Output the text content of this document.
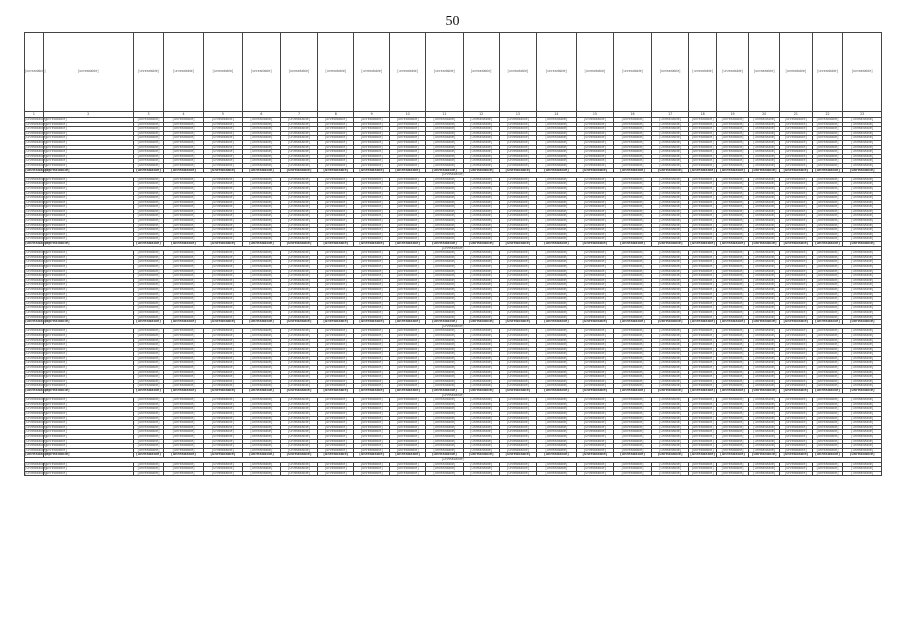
50
[unreadable]	[unreadable]	[unreadable]	[unreadable]	[unreadable]	[unreadable]	[unreadable]	[unreadable]	[unreadable]	[unreadable]	[unreadable]	[unreadable]	[unreadable]	[unreadable]	[unreadable]	[unreadable]	[unreadable]	[unreadable]	[unreadable]	[unreadable]	[unreadable]	[unreadable]	[unreadable]
1	2	3	4	5	6	7	8	9	10	11	12	13	14	15	16	17	18	19	20	21	22	23
[unreadable]	[unreadable]	[unreadable]	[unreadable]	[unreadable]	[unreadable]	[unreadable]	[unreadable]	[unreadable]	[unreadable]	[unreadable]	[unreadable]	[unreadable]	[unreadable]	[unreadable]	[unreadable]	[unreadable]	[unreadable]	[unreadable]	[unreadable]	[unreadable]	[unreadable]	[unreadable]
[unreadable]	[unreadable]	[unreadable]	[unreadable]	[unreadable]	[unreadable]	[unreadable]	[unreadable]	[unreadable]	[unreadable]	[unreadable]	[unreadable]	[unreadable]	[unreadable]	[unreadable]	[unreadable]	[unreadable]	[unreadable]	[unreadable]	[unreadable]	[unreadable]	[unreadable]	[unreadable]
[unreadable]	[unreadable]	[unreadable]	[unreadable]	[unreadable]	[unreadable]	[unreadable]	[unreadable]	[unreadable]	[unreadable]	[unreadable]	[unreadable]	[unreadable]	[unreadable]	[unreadable]	[unreadable]	[unreadable]	[unreadable]	[unreadable]	[unreadable]	[unreadable]	[unreadable]	[unreadable]
[unreadable]	[unreadable]	[unreadable]	[unreadable]	[unreadable]	[unreadable]	[unreadable]	[unreadable]	[unreadable]	[unreadable]	[unreadable]	[unreadable]	[unreadable]	[unreadable]	[unreadable]	[unreadable]	[unreadable]	[unreadable]	[unreadable]	[unreadable]	[unreadable]	[unreadable]	[unreadable]
[unreadable]	[unreadable]	[unreadable]	[unreadable]	[unreadable]	[unreadable]	[unreadable]	[unreadable]	[unreadable]	[unreadable]	[unreadable]	[unreadable]	[unreadable]	[unreadable]	[unreadable]	[unreadable]	[unreadable]	[unreadable]	[unreadable]	[unreadable]	[unreadable]	[unreadable]	[unreadable]
[unreadable]	[unreadable]	[unreadable]	[unreadable]	[unreadable]	[unreadable]	[unreadable]	[unreadable]	[unreadable]	[unreadable]	[unreadable]	[unreadable]	[unreadable]	[unreadable]	[unreadable]	[unreadable]	[unreadable]	[unreadable]	[unreadable]	[unreadable]	[unreadable]	[unreadable]	[unreadable]
[unreadable]	[unreadable]	[unreadable]	[unreadable]	[unreadable]	[unreadable]	[unreadable]	[unreadable]	[unreadable]	[unreadable]	[unreadable]	[unreadable]	[unreadable]	[unreadable]	[unreadable]	[unreadable]	[unreadable]	[unreadable]	[unreadable]	[unreadable]	[unreadable]	[unreadable]	[unreadable]
[unreadable]	[unreadable]	[unreadable]	[unreadable]	[unreadable]	[unreadable]	[unreadable]	[unreadable]	[unreadable]	[unreadable]	[unreadable]	[unreadable]	[unreadable]	[unreadable]	[unreadable]	[unreadable]	[unreadable]	[unreadable]	[unreadable]	[unreadable]	[unreadable]	[unreadable]	[unreadable]
[unreadable]	[unreadable]	[unreadable]	[unreadable]	[unreadable]	[unreadable]	[unreadable]	[unreadable]	[unreadable]	[unreadable]	[unreadable]	[unreadable]	[unreadable]	[unreadable]	[unreadable]	[unreadable]	[unreadable]	[unreadable]	[unreadable]	[unreadable]	[unreadable]	[unreadable]	[unreadable]
[unreadable]	[unreadable]	[unreadable]	[unreadable]	[unreadable]	[unreadable]	[unreadable]	[unreadable]	[unreadable]	[unreadable]	[unreadable]	[unreadable]	[unreadable]	[unreadable]	[unreadable]	[unreadable]	[unreadable]	[unreadable]	[unreadable]	[unreadable]	[unreadable]	[unreadable]	[unreadable]
[unreadable]	[unreadable]	[unreadable]	[unreadable]	[unreadable]	[unreadable]	[unreadable]	[unreadable]	[unreadable]	[unreadable]	[unreadable]	[unreadable]	[unreadable]	[unreadable]	[unreadable]	[unreadable]	[unreadable]	[unreadable]	[unreadable]	[unreadable]	[unreadable]	[unreadable]	[unreadable]
[unreadable]	[unreadable]	[unreadable]	[unreadable]	[unreadable]	[unreadable]	[unreadable]	[unreadable]	[unreadable]	[unreadable]	[unreadable]	[unreadable]	[unreadable]	[unreadable]	[unreadable]	[unreadable]	[unreadable]	[unreadable]	[unreadable]	[unreadable]	[unreadable]	[unreadable]	[unreadable]
[unreadable]																						
[unreadable]	[unreadable]	[unreadable]	[unreadable]	[unreadable]	[unreadable]	[unreadable]	[unreadable]	[unreadable]	[unreadable]	[unreadable]	[unreadable]	[unreadable]	[unreadable]	[unreadable]	[unreadable]	[unreadable]	[unreadable]	[unreadable]	[unreadable]	[unreadable]	[unreadable]	[unreadable]
[unreadable]	[unreadable]	[unreadable]	[unreadable]	[unreadable]	[unreadable]	[unreadable]	[unreadable]	[unreadable]	[unreadable]	[unreadable]	[unreadable]	[unreadable]	[unreadable]	[unreadable]	[unreadable]	[unreadable]	[unreadable]	[unreadable]	[unreadable]	[unreadable]	[unreadable]	[unreadable]
[unreadable]	[unreadable]	[unreadable]	[unreadable]	[unreadable]	[unreadable]	[unreadable]	[unreadable]	[unreadable]	[unreadable]	[unreadable]	[unreadable]	[unreadable]	[unreadable]	[unreadable]	[unreadable]	[unreadable]	[unreadable]	[unreadable]	[unreadable]	[unreadable]	[unreadable]	[unreadable]
[unreadable]	[unreadable]	[unreadable]	[unreadable]	[unreadable]	[unreadable]	[unreadable]	[unreadable]	[unreadable]	[unreadable]	[unreadable]	[unreadable]	[unreadable]	[unreadable]	[unreadable]	[unreadable]	[unreadable]	[unreadable]	[unreadable]	[unreadable]	[unreadable]	[unreadable]	[unreadable]
[unreadable]	[unreadable]	[unreadable]	[unreadable]	[unreadable]	[unreadable]	[unreadable]	[unreadable]	[unreadable]	[unreadable]	[unreadable]	[unreadable]	[unreadable]	[unreadable]	[unreadable]	[unreadable]	[unreadable]	[unreadable]	[unreadable]	[unreadable]	[unreadable]	[unreadable]	[unreadable]
[unreadable]	[unreadable]	[unreadable]	[unreadable]	[unreadable]	[unreadable]	[unreadable]	[unreadable]	[unreadable]	[unreadable]	[unreadable]	[unreadable]	[unreadable]	[unreadable]	[unreadable]	[unreadable]	[unreadable]	[unreadable]	[unreadable]	[unreadable]	[unreadable]	[unreadable]	[unreadable]
[unreadable]	[unreadable]	[unreadable]	[unreadable]	[unreadable]	[unreadable]	[unreadable]	[unreadable]	[unreadable]	[unreadable]	[unreadable]	[unreadable]	[unreadable]	[unreadable]	[unreadable]	[unreadable]	[unreadable]	[unreadable]	[unreadable]	[unreadable]	[unreadable]	[unreadable]	[unreadable]
[unreadable]	[unreadable]	[unreadable]	[unreadable]	[unreadable]	[unreadable]	[unreadable]	[unreadable]	[unreadable]	[unreadable]	[unreadable]	[unreadable]	[unreadable]	[unreadable]	[unreadable]	[unreadable]	[unreadable]	[unreadable]	[unreadable]	[unreadable]	[unreadable]	[unreadable]	[unreadable]
[unreadable]	[unreadable]	[unreadable]	[unreadable]	[unreadable]	[unreadable]	[unreadable]	[unreadable]	[unreadable]	[unreadable]	[unreadable]	[unreadable]	[unreadable]	[unreadable]	[unreadable]	[unreadable]	[unreadable]	[unreadable]	[unreadable]	[unreadable]	[unreadable]	[unreadable]	[unreadable]
[unreadable]	[unreadable]	[unreadable]	[unreadable]	[unreadable]	[unreadable]	[unreadable]	[unreadable]	[unreadable]	[unreadable]	[unreadable]	[unreadable]	[unreadable]	[unreadable]	[unreadable]	[unreadable]	[unreadable]	[unreadable]	[unreadable]	[unreadable]	[unreadable]	[unreadable]	[unreadable]
[unreadable]	[unreadable]	[unreadable]	[unreadable]	[unreadable]	[unreadable]	[unreadable]	[unreadable]	[unreadable]	[unreadable]	[unreadable]	[unreadable]	[unreadable]	[unreadable]	[unreadable]	[unreadable]	[unreadable]	[unreadable]	[unreadable]	[unreadable]	[unreadable]	[unreadable]	[unreadable]
[unreadable]	[unreadable]	[unreadable]	[unreadable]	[unreadable]	[unreadable]	[unreadable]	[unreadable]	[unreadable]	[unreadable]	[unreadable]	[unreadable]	[unreadable]	[unreadable]	[unreadable]	[unreadable]	[unreadable]	[unreadable]	[unreadable]	[unreadable]	[unreadable]	[unreadable]	[unreadable]
[unreadable]	[unreadable]	[unreadable]	[unreadable]	[unreadable]	[unreadable]	[unreadable]	[unreadable]	[unreadable]	[unreadable]	[unreadable]	[unreadable]	[unreadable]	[unreadable]	[unreadable]	[unreadable]	[unreadable]	[unreadable]	[unreadable]	[unreadable]	[unreadable]	[unreadable]	[unreadable]
[unreadable]	[unreadable]	[unreadable]	[unreadable]	[unreadable]	[unreadable]	[unreadable]	[unreadable]	[unreadable]	[unreadable]	[unreadable]	[unreadable]	[unreadable]	[unreadable]	[unreadable]	[unreadable]	[unreadable]	[unreadable]	[unreadable]	[unreadable]	[unreadable]	[unreadable]	[unreadable]
[unreadable]	[unreadable]	[unreadable]	[unreadable]	[unreadable]	[unreadable]	[unreadable]	[unreadable]	[unreadable]	[unreadable]	[unreadable]	[unreadable]	[unreadable]	[unreadable]	[unreadable]	[unreadable]	[unreadable]	[unreadable]	[unreadable]	[unreadable]	[unreadable]	[unreadable]	[unreadable]
[unreadable]																						
[unreadable]	[unreadable]	[unreadable]	[unreadable]	[unreadable]	[unreadable]	[unreadable]	[unreadable]	[unreadable]	[unreadable]	[unreadable]	[unreadable]	[unreadable]	[unreadable]	[unreadable]	[unreadable]	[unreadable]	[unreadable]	[unreadable]	[unreadable]	[unreadable]	[unreadable]	[unreadable]
[unreadable]	[unreadable]	[unreadable]	[unreadable]	[unreadable]	[unreadable]	[unreadable]	[unreadable]	[unreadable]	[unreadable]	[unreadable]	[unreadable]	[unreadable]	[unreadable]	[unreadable]	[unreadable]	[unreadable]	[unreadable]	[unreadable]	[unreadable]	[unreadable]	[unreadable]	[unreadable]
[unreadable]	[unreadable]	[unreadable]	[unreadable]	[unreadable]	[unreadable]	[unreadable]	[unreadable]	[unreadable]	[unreadable]	[unreadable]	[unreadable]	[unreadable]	[unreadable]	[unreadable]	[unreadable]	[unreadable]	[unreadable]	[unreadable]	[unreadable]	[unreadable]	[unreadable]	[unreadable]
[unreadable]	[unreadable]	[unreadable]	[unreadable]	[unreadable]	[unreadable]	[unreadable]	[unreadable]	[unreadable]	[unreadable]	[unreadable]	[unreadable]	[unreadable]	[unreadable]	[unreadable]	[unreadable]	[unreadable]	[unreadable]	[unreadable]	[unreadable]	[unreadable]	[unreadable]	[unreadable]
[unreadable]	[unreadable]	[unreadable]	[unreadable]	[unreadable]	[unreadable]	[unreadable]	[unreadable]	[unreadable]	[unreadable]	[unreadable]	[unreadable]	[unreadable]	[unreadable]	[unreadable]	[unreadable]	[unreadable]	[unreadable]	[unreadable]	[unreadable]	[unreadable]	[unreadable]	[unreadable]
[unreadable]	[unreadable]	[unreadable]	[unreadable]	[unreadable]	[unreadable]	[unreadable]	[unreadable]	[unreadable]	[unreadable]	[unreadable]	[unreadable]	[unreadable]	[unreadable]	[unreadable]	[unreadable]	[unreadable]	[unreadable]	[unreadable]	[unreadable]	[unreadable]	[unreadable]	[unreadable]
[unreadable]	[unreadable]	[unreadable]	[unreadable]	[unreadable]	[unreadable]	[unreadable]	[unreadable]	[unreadable]	[unreadable]	[unreadable]	[unreadable]	[unreadable]	[unreadable]	[unreadable]	[unreadable]	[unreadable]	[unreadable]	[unreadable]	[unreadable]	[unreadable]	[unreadable]	[unreadable]
[unreadable]	[unreadable]	[unreadable]	[unreadable]	[unreadable]	[unreadable]	[unreadable]	[unreadable]	[unreadable]	[unreadable]	[unreadable]	[unreadable]	[unreadable]	[unreadable]	[unreadable]	[unreadable]	[unreadable]	[unreadable]	[unreadable]	[unreadable]	[unreadable]	[unreadable]	[unreadable]
[unreadable]	[unreadable]	[unreadable]	[unreadable]	[unreadable]	[unreadable]	[unreadable]	[unreadable]	[unreadable]	[unreadable]	[unreadable]	[unreadable]	[unreadable]	[unreadable]	[unreadable]	[unreadable]	[unreadable]	[unreadable]	[unreadable]	[unreadable]	[unreadable]	[unreadable]	[unreadable]
[unreadable]	[unreadable]	[unreadable]	[unreadable]	[unreadable]	[unreadable]	[unreadable]	[unreadable]	[unreadable]	[unreadable]	[unreadable]	[unreadable]	[unreadable]	[unreadable]	[unreadable]	[unreadable]	[unreadable]	[unreadable]	[unreadable]	[unreadable]	[unreadable]	[unreadable]	[unreadable]
[unreadable]	[unreadable]	[unreadable]	[unreadable]	[unreadable]	[unreadable]	[unreadable]	[unreadable]	[unreadable]	[unreadable]	[unreadable]	[unreadable]	[unreadable]	[unreadable]	[unreadable]	[unreadable]	[unreadable]	[unreadable]	[unreadable]	[unreadable]	[unreadable]	[unreadable]	[unreadable]
[unreadable]	[unreadable]	[unreadable]	[unreadable]	[unreadable]	[unreadable]	[unreadable]	[unreadable]	[unreadable]	[unreadable]	[unreadable]	[unreadable]	[unreadable]	[unreadable]	[unreadable]	[unreadable]	[unreadable]	[unreadable]	[unreadable]	[unreadable]	[unreadable]	[unreadable]	[unreadable]
[unreadable]	[unreadable]	[unreadable]	[unreadable]	[unreadable]	[unreadable]	[unreadable]	[unreadable]	[unreadable]	[unreadable]	[unreadable]	[unreadable]	[unreadable]	[unreadable]	[unreadable]	[unreadable]	[unreadable]	[unreadable]	[unreadable]	[unreadable]	[unreadable]	[unreadable]	[unreadable]
[unreadable]	[unreadable]	[unreadable]	[unreadable]	[unreadable]	[unreadable]	[unreadable]	[unreadable]	[unreadable]	[unreadable]	[unreadable]	[unreadable]	[unreadable]	[unreadable]	[unreadable]	[unreadable]	[unreadable]	[unreadable]	[unreadable]	[unreadable]	[unreadable]	[unreadable]	[unreadable]
[unreadable]	[unreadable]	[unreadable]	[unreadable]	[unreadable]	[unreadable]	[unreadable]	[unreadable]	[unreadable]	[unreadable]	[unreadable]	[unreadable]	[unreadable]	[unreadable]	[unreadable]	[unreadable]	[unreadable]	[unreadable]	[unreadable]	[unreadable]	[unreadable]	[unreadable]	[unreadable]
[unreadable]	[unreadable]	[unreadable]	[unreadable]	[unreadable]	[unreadable]	[unreadable]	[unreadable]	[unreadable]	[unreadable]	[unreadable]	[unreadable]	[unreadable]	[unreadable]	[unreadable]	[unreadable]	[unreadable]	[unreadable]	[unreadable]	[unreadable]	[unreadable]	[unreadable]	[unreadable]
[unreadable]																						
[unreadable]	[unreadable]	[unreadable]	[unreadable]	[unreadable]	[unreadable]	[unreadable]	[unreadable]	[unreadable]	[unreadable]	[unreadable]	[unreadable]	[unreadable]	[unreadable]	[unreadable]	[unreadable]	[unreadable]	[unreadable]	[unreadable]	[unreadable]	[unreadable]	[unreadable]	[unreadable]
[unreadable]	[unreadable]	[unreadable]	[unreadable]	[unreadable]	[unreadable]	[unreadable]	[unreadable]	[unreadable]	[unreadable]	[unreadable]	[unreadable]	[unreadable]	[unreadable]	[unreadable]	[unreadable]	[unreadable]	[unreadable]	[unreadable]	[unreadable]	[unreadable]	[unreadable]	[unreadable]
[unreadable]	[unreadable]	[unreadable]	[unreadable]	[unreadable]	[unreadable]	[unreadable]	[unreadable]	[unreadable]	[unreadable]	[unreadable]	[unreadable]	[unreadable]	[unreadable]	[unreadable]	[unreadable]	[unreadable]	[unreadable]	[unreadable]	[unreadable]	[unreadable]	[unreadable]	[unreadable]
[unreadable]	[unreadable]	[unreadable]	[unreadable]	[unreadable]	[unreadable]	[unreadable]	[unreadable]	[unreadable]	[unreadable]	[unreadable]	[unreadable]	[unreadable]	[unreadable]	[unreadable]	[unreadable]	[unreadable]	[unreadable]	[unreadable]	[unreadable]	[unreadable]	[unreadable]	[unreadable]
[unreadable]	[unreadable]	[unreadable]	[unreadable]	[unreadable]	[unreadable]	[unreadable]	[unreadable]	[unreadable]	[unreadable]	[unreadable]	[unreadable]	[unreadable]	[unreadable]	[unreadable]	[unreadable]	[unreadable]	[unreadable]	[unreadable]	[unreadable]	[unreadable]	[unreadable]	[unreadable]
[unreadable]	[unreadable]	[unreadable]	[unreadable]	[unreadable]	[unreadable]	[unreadable]	[unreadable]	[unreadable]	[unreadable]	[unreadable]	[unreadable]	[unreadable]	[unreadable]	[unreadable]	[unreadable]	[unreadable]	[unreadable]	[unreadable]	[unreadable]	[unreadable]	[unreadable]	[unreadable]
[unreadable]	[unreadable]	[unreadable]	[unreadable]	[unreadable]	[unreadable]	[unreadable]	[unreadable]	[unreadable]	[unreadable]	[unreadable]	[unreadable]	[unreadable]	[unreadable]	[unreadable]	[unreadable]	[unreadable]	[unreadable]	[unreadable]	[unreadable]	[unreadable]	[unreadable]	[unreadable]
[unreadable]	[unreadable]	[unreadable]	[unreadable]	[unreadable]	[unreadable]	[unreadable]	[unreadable]	[unreadable]	[unreadable]	[unreadable]	[unreadable]	[unreadable]	[unreadable]	[unreadable]	[unreadable]	[unreadable]	[unreadable]	[unreadable]	[unreadable]	[unreadable]	[unreadable]	[unreadable]
[unreadable]	[unreadable]	[unreadable]	[unreadable]	[unreadable]	[unreadable]	[unreadable]	[unreadable]	[unreadable]	[unreadable]	[unreadable]	[unreadable]	[unreadable]	[unreadable]	[unreadable]	[unreadable]	[unreadable]	[unreadable]	[unreadable]	[unreadable]	[unreadable]	[unreadable]	[unreadable]
[unreadable]	[unreadable]	[unreadable]	[unreadable]	[unreadable]	[unreadable]	[unreadable]	[unreadable]	[unreadable]	[unreadable]	[unreadable]	[unreadable]	[unreadable]	[unreadable]	[unreadable]	[unreadable]	[unreadable]	[unreadable]	[unreadable]	[unreadable]	[unreadable]	[unreadable]	[unreadable]
[unreadable]	[unreadable]	[unreadable]	[unreadable]	[unreadable]	[unreadable]	[unreadable]	[unreadable]	[unreadable]	[unreadable]	[unreadable]	[unreadable]	[unreadable]	[unreadable]	[unreadable]	[unreadable]	[unreadable]	[unreadable]	[unreadable]	[unreadable]	[unreadable]	[unreadable]	[unreadable]
[unreadable]	[unreadable]	[unreadable]	[unreadable]	[unreadable]	[unreadable]	[unreadable]	[unreadable]	[unreadable]	[unreadable]	[unreadable]	[unreadable]	[unreadable]	[unreadable]	[unreadable]	[unreadable]	[unreadable]	[unreadable]	[unreadable]	[unreadable]	[unreadable]	[unreadable]	[unreadable]
[unreadable]	[unreadable]	[unreadable]	[unreadable]	[unreadable]	[unreadable]	[unreadable]	[unreadable]	[unreadable]	[unreadable]	[unreadable]	[unreadable]	[unreadable]	[unreadable]	[unreadable]	[unreadable]	[unreadable]	[unreadable]	[unreadable]	[unreadable]	[unreadable]	[unreadable]	[unreadable]
[unreadable]	[unreadable]	[unreadable]	[unreadable]	[unreadable]	[unreadable]	[unreadable]	[unreadable]	[unreadable]	[unreadable]	[unreadable]	[unreadable]	[unreadable]	[unreadable]	[unreadable]	[unreadable]	[unreadable]	[unreadable]	[unreadable]	[unreadable]	[unreadable]	[unreadable]	[unreadable]
[unreadable]																						
[unreadable]	[unreadable]	[unreadable]	[unreadable]	[unreadable]	[unreadable]	[unreadable]	[unreadable]	[unreadable]	[unreadable]	[unreadable]	[unreadable]	[unreadable]	[unreadable]	[unreadable]	[unreadable]	[unreadable]	[unreadable]	[unreadable]	[unreadable]	[unreadable]	[unreadable]	[unreadable]
[unreadable]	[unreadable]	[unreadable]	[unreadable]	[unreadable]	[unreadable]	[unreadable]	[unreadable]	[unreadable]	[unreadable]	[unreadable]	[unreadable]	[unreadable]	[unreadable]	[unreadable]	[unreadable]	[unreadable]	[unreadable]	[unreadable]	[unreadable]	[unreadable]	[unreadable]	[unreadable]
[unreadable]	[unreadable]	[unreadable]	[unreadable]	[unreadable]	[unreadable]	[unreadable]	[unreadable]	[unreadable]	[unreadable]	[unreadable]	[unreadable]	[unreadable]	[unreadable]	[unreadable]	[unreadable]	[unreadable]	[unreadable]	[unreadable]	[unreadable]	[unreadable]	[unreadable]	[unreadable]
[unreadable]	[unreadable]	[unreadable]	[unreadable]	[unreadable]	[unreadable]	[unreadable]	[unreadable]	[unreadable]	[unreadable]	[unreadable]	[unreadable]	[unreadable]	[unreadable]	[unreadable]	[unreadable]	[unreadable]	[unreadable]	[unreadable]	[unreadable]	[unreadable]	[unreadable]	[unreadable]
[unreadable]	[unreadable]	[unreadable]	[unreadable]	[unreadable]	[unreadable]	[unreadable]	[unreadable]	[unreadable]	[unreadable]	[unreadable]	[unreadable]	[unreadable]	[unreadable]	[unreadable]	[unreadable]	[unreadable]	[unreadable]	[unreadable]	[unreadable]	[unreadable]	[unreadable]	[unreadable]
[unreadable]	[unreadable]	[unreadable]	[unreadable]	[unreadable]	[unreadable]	[unreadable]	[unreadable]	[unreadable]	[unreadable]	[unreadable]	[unreadable]	[unreadable]	[unreadable]	[unreadable]	[unreadable]	[unreadable]	[unreadable]	[unreadable]	[unreadable]	[unreadable]	[unreadable]	[unreadable]
[unreadable]	[unreadable]	[unreadable]	[unreadable]	[unreadable]	[unreadable]	[unreadable]	[unreadable]	[unreadable]	[unreadable]	[unreadable]	[unreadable]	[unreadable]	[unreadable]	[unreadable]	[unreadable]	[unreadable]	[unreadable]	[unreadable]	[unreadable]	[unreadable]	[unreadable]	[unreadable]
[unreadable]	[unreadable]	[unreadable]	[unreadable]	[unreadable]	[unreadable]	[unreadable]	[unreadable]	[unreadable]	[unreadable]	[unreadable]	[unreadable]	[unreadable]	[unreadable]	[unreadable]	[unreadable]	[unreadable]	[unreadable]	[unreadable]	[unreadable]	[unreadable]	[unreadable]	[unreadable]
[unreadable]	[unreadable]	[unreadable]	[unreadable]	[unreadable]	[unreadable]	[unreadable]	[unreadable]	[unreadable]	[unreadable]	[unreadable]	[unreadable]	[unreadable]	[unreadable]	[unreadable]	[unreadable]	[unreadable]	[unreadable]	[unreadable]	[unreadable]	[unreadable]	[unreadable]	[unreadable]
[unreadable]	[unreadable]	[unreadable]	[unreadable]	[unreadable]	[unreadable]	[unreadable]	[unreadable]	[unreadable]	[unreadable]	[unreadable]	[unreadable]	[unreadable]	[unreadable]	[unreadable]	[unreadable]	[unreadable]	[unreadable]	[unreadable]	[unreadable]	[unreadable]	[unreadable]	[unreadable]
[unreadable]	[unreadable]	[unreadable]	[unreadable]	[unreadable]	[unreadable]	[unreadable]	[unreadable]	[unreadable]	[unreadable]	[unreadable]	[unreadable]	[unreadable]	[unreadable]	[unreadable]	[unreadable]	[unreadable]	[unreadable]	[unreadable]	[unreadable]	[unreadable]	[unreadable]	[unreadable]
[unreadable]	[unreadable]	[unreadable]	[unreadable]	[unreadable]	[unreadable]	[unreadable]	[unreadable]	[unreadable]	[unreadable]	[unreadable]	[unreadable]	[unreadable]	[unreadable]	[unreadable]	[unreadable]	[unreadable]	[unreadable]	[unreadable]	[unreadable]	[unreadable]	[unreadable]	[unreadable]
[unreadable]	[unreadable]	[unreadable]	[unreadable]	[unreadable]	[unreadable]	[unreadable]	[unreadable]	[unreadable]	[unreadable]	[unreadable]	[unreadable]	[unreadable]	[unreadable]	[unreadable]	[unreadable]	[unreadable]	[unreadable]	[unreadable]	[unreadable]	[unreadable]	[unreadable]	[unreadable]
[unreadable]																						
[unreadable]	[unreadable]	[unreadable]	[unreadable]	[unreadable]	[unreadable]	[unreadable]	[unreadable]	[unreadable]	[unreadable]	[unreadable]	[unreadable]	[unreadable]	[unreadable]	[unreadable]	[unreadable]	[unreadable]	[unreadable]	[unreadable]	[unreadable]	[unreadable]	[unreadable]	[unreadable]
[unreadable]	[unreadable]	[unreadable]	[unreadable]	[unreadable]	[unreadable]	[unreadable]	[unreadable]	[unreadable]	[unreadable]	[unreadable]	[unreadable]	[unreadable]	[unreadable]	[unreadable]	[unreadable]	[unreadable]	[unreadable]	[unreadable]	[unreadable]	[unreadable]	[unreadable]	[unreadable]
[unreadable]	[unreadable]	[unreadable]	[unreadable]	[unreadable]	[unreadable]	[unreadable]	[unreadable]	[unreadable]	[unreadable]	[unreadable]	[unreadable]	[unreadable]	[unreadable]	[unreadable]	[unreadable]	[unreadable]	[unreadable]	[unreadable]	[unreadable]	[unreadable]	[unreadable]	[unreadable]
